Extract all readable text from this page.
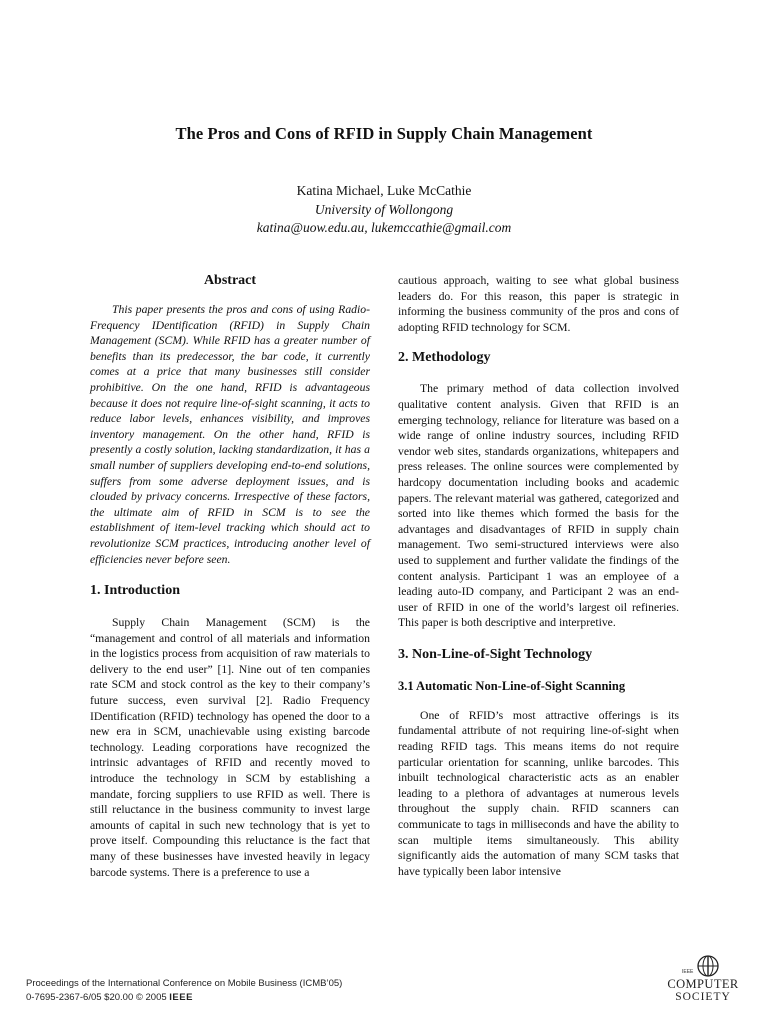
The Pros and Cons of RFID in Supply Chain Management
Katina Michael, Luke McCathie
University of Wollongong
katina@uow.edu.au, lukemccathie@gmail.com
Abstract

This paper presents the pros and cons of using Radio-Frequency IDentification (RFID) in Supply Chain Management (SCM). While RFID has a greater number of benefits than its predecessor, the bar code, it currently comes at a price that many businesses still consider prohibitive. On the one hand, RFID is advantageous because it does not require line-of-sight scanning, it acts to reduce labor levels, enhances visibility, and improves inventory management. On the other hand, RFID is presently a costly solution, lacking standardization, it has a small number of suppliers developing end-to-end solutions, suffers from some adverse deployment issues, and is clouded by privacy concerns. Irrespective of these factors, the ultimate aim of RFID in SCM is to see the establishment of item-level tracking which should act to revolutionize SCM practices, introducing another level of efficiencies never before seen.

1. Introduction

Supply Chain Management (SCM) is the “management and control of all materials and information in the logistics process from acquisition of raw materials to delivery to the end user” [1]. Nine out of ten companies rate SCM and stock control as the key to their company’s future success, even survival [2]. Radio Frequency IDentification (RFID) technology has opened the door to a new era in SCM, unachievable using existing barcode technology. Leading corporations have recognized the intrinsic advantages of RFID and recently moved to introduce the technology in SCM by establishing a mandate, forcing suppliers to use RFID as well. There is still reluctance in the business community to invest large amounts of capital in such new technology that is yet to prove itself. Compounding this reluctance is the fact that many of these businesses have invested heavily in legacy barcode systems. There is a preference to use a

cautious approach, waiting to see what global business leaders do. For this reason, this paper is strategic in informing the business community of the pros and cons of adopting RFID technology for SCM.

2. Methodology

The primary method of data collection involved qualitative content analysis. Given that RFID is an emerging technology, reliance for literature was based on a wide range of online industry sources, including RFID vendor web sites, standards organizations, whitepapers and press releases. The online sources were complemented by hardcopy documentation including books and academic papers. The relevant material was gathered, categorized and sorted into like themes which formed the basis for the advantages and disadvantages of RFID in supply chain management. Two semi-structured interviews were also used to supplement and further validate the findings of the content analysis. Participant 1 was an employee of a leading auto-ID company, and Participant 2 was an end-user of RFID in one of the world’s largest oil refineries. This paper is both descriptive and interpretive.

3. Non-Line-of-Sight Technology
3.1 Automatic Non-Line-of-Sight Scanning

One of RFID’s most attractive offerings is its fundamental attribute of not requiring line-of-sight when reading RFID tags. This means items do not require particular orientation for scanning, unlike barcodes. This inbuilt technological characteristic acts as an enabler leading to a plethora of advantages at numerous levels throughout the supply chain. RFID scanners can communicate to tags in milliseconds and have the ability to scan multiple items simultaneously. This ability significantly aids the automation of many SCM tasks that have typically been labor intensive

Proceedings of the International Conference on Mobile Business (ICMB’05)
0-7695-2367-6/05 $20.00 © 2005 IEEE
IEEE
COMPUTER
SOCIETY
